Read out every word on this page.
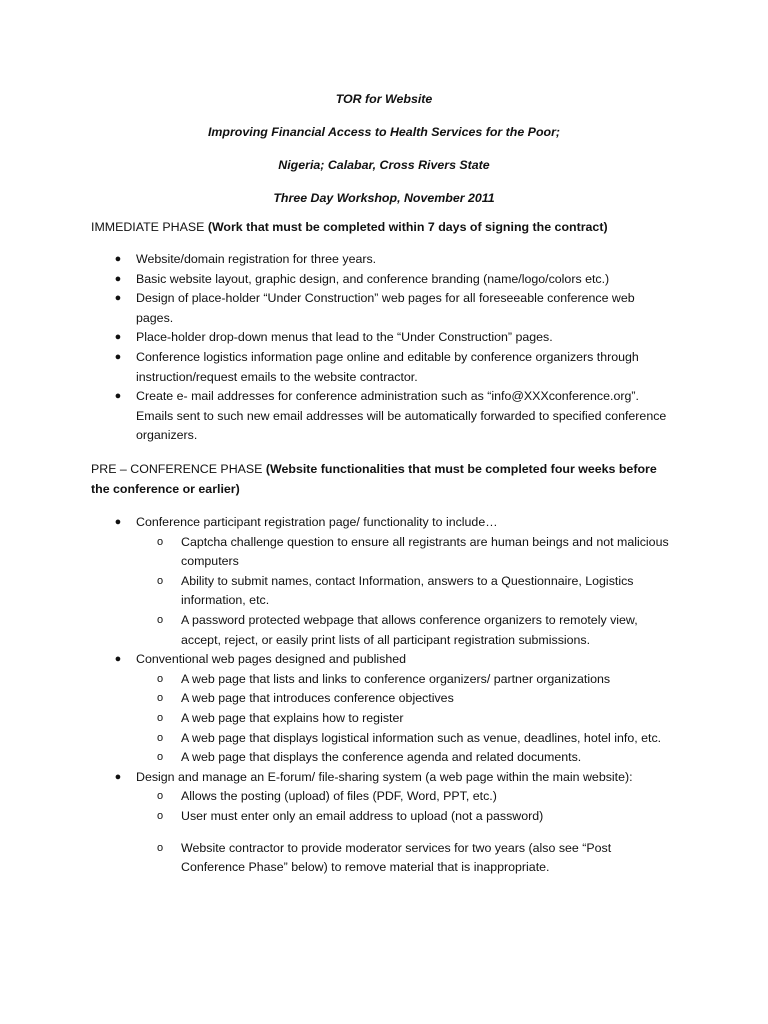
TOR for Website

Improving Financial Access to Health Services for the Poor;

Nigeria; Calabar, Cross Rivers State

Three Day Workshop, November 2011

IMMEDIATE PHASE (Work that must be completed within 7 days of signing the contract)
● Website/domain registration for three years.
● Basic website layout, graphic design, and conference branding (name/logo/colors etc.)
● Design of place-holder “Under Construction” web pages for all foreseeable conference web pages.
● Place-holder drop-down menus that lead to the “Under Construction” pages.
● Conference logistics information page online and editable by conference organizers through instruction/request emails to the website contractor.
● Create e- mail addresses for conference administration such as “info@XXXconference.org”. Emails sent to such new email addresses will be automatically forwarded to specified conference organizers.
PRE – CONFERENCE PHASE (Website functionalities that must be completed four weeks before the conference or earlier)
● Conference participant registration page/ functionality to include…
o Captcha challenge question to ensure all registrants are human beings and not malicious computers
o Ability to submit names, contact Information, answers to a Questionnaire, Logistics information, etc.
o A password protected webpage that allows conference organizers to remotely view, accept, reject, or easily print lists of all participant registration submissions.
● Conventional web pages designed and published
o A web page that lists and links to conference organizers/ partner organizations
o A web page that introduces conference objectives
o A web page that explains how to register
o A web page that displays logistical information such as venue, deadlines, hotel info, etc.
o A web page that displays the conference agenda and related documents.
● Design and manage an E-forum/ file-sharing system (a web page within the main website):
o Allows the posting (upload) of files (PDF, Word, PPT, etc.)
o User must enter only an email address to upload (not a password)
o Website contractor to provide moderator services for two years (also see “Post Conference Phase” below) to remove material that is inappropriate.
